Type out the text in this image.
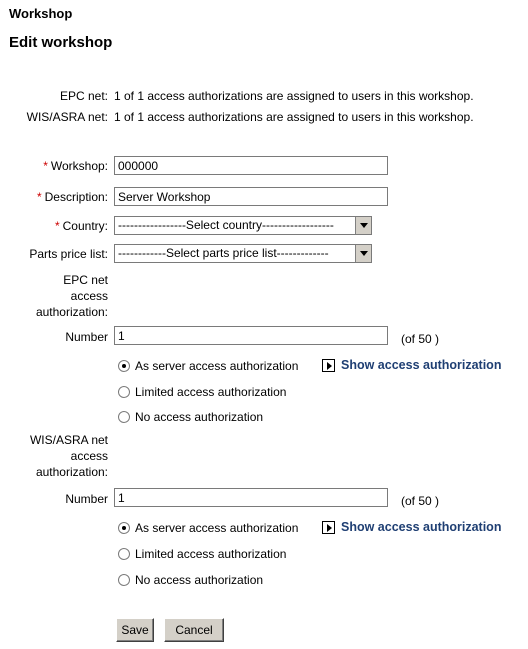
Workshop
Edit workshop
EPC net: 1 of 1 access authorizations are assigned to users in this workshop.
WIS/ASRA net: 1 of 1 access authorizations are assigned to users in this workshop.
* Workshop:
000000
* Description:
Server Workshop
* Country: -----------------Select country------------------
Parts price list: ------------Select parts price list-------------
EPC net
access
authorization:
Number
1	(of 50 )
As server access authorization	Show access authorization
Limited access authorization
No access authorization
WIS/ASRA net
access
authorization:
Number
1	(of 50 )
As server access authorization	Show access authorization
Limited access authorization
No access authorization
Save	Cancel
